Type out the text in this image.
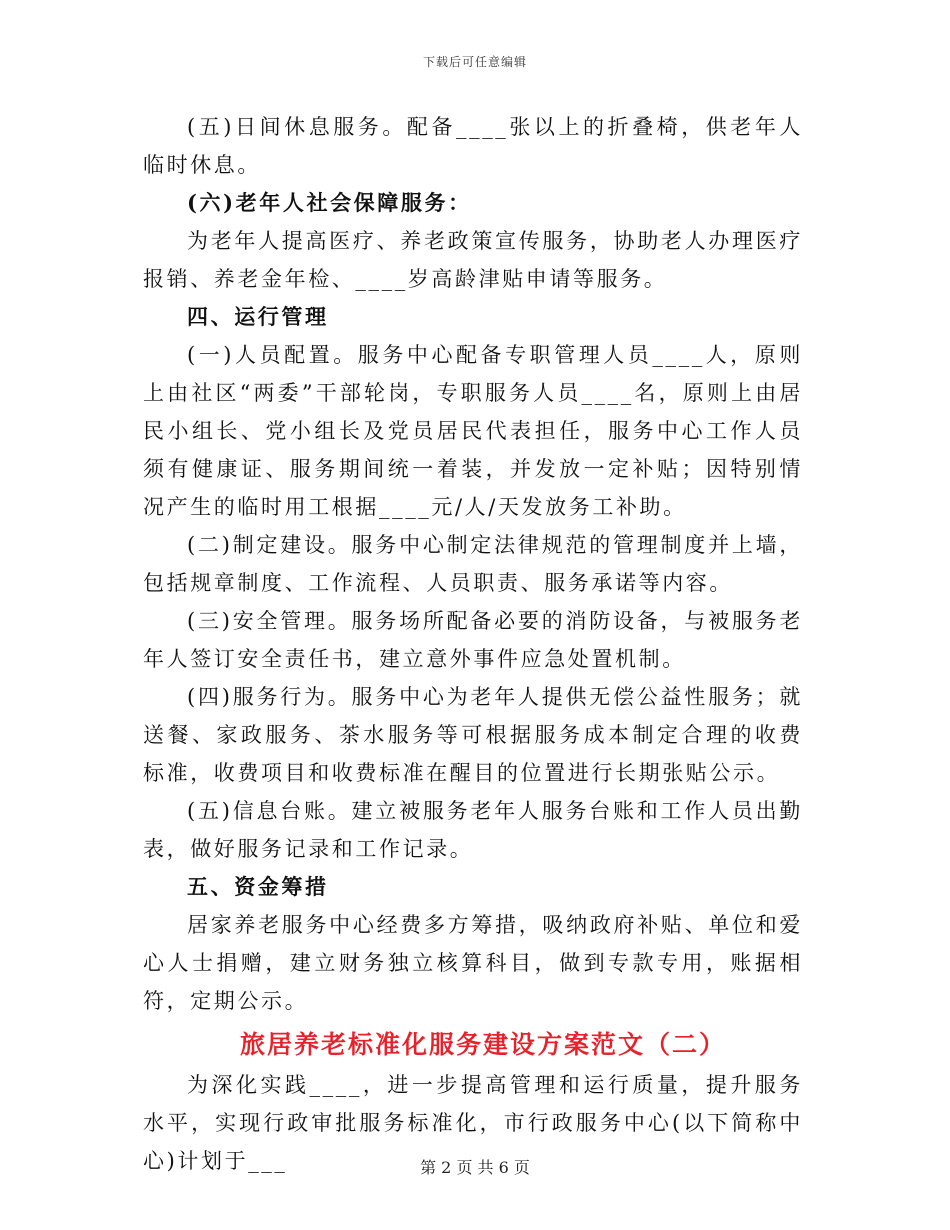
下载后可任意编辑
(五)日间休息服务。配备____张以上的折叠椅，供老年人临时休息。
(六)老年人社会保障服务：
为老年人提高医疗、养老政策宣传服务，协助老人办理医疗报销、养老金年检、____岁高龄津贴申请等服务。
四、运行管理
(一)人员配置。服务中心配备专职管理人员____人，原则上由社区“两委”干部轮岗，专职服务人员____名，原则上由居民小组长、党小组长及党员居民代表担任，服务中心工作人员须有健康证、服务期间统一着装，并发放一定补贴；因特别情况产生的临时用工根据____元/人/天发放务工补助。
(二)制定建设。服务中心制定法律规范的管理制度并上墙，包括规章制度、工作流程、人员职责、服务承诺等内容。
(三)安全管理。服务场所配备必要的消防设备，与被服务老年人签订安全责任书，建立意外事件应急处置机制。
(四)服务行为。服务中心为老年人提供无偿公益性服务；就送餐、家政服务、茶水服务等可根据服务成本制定合理的收费标准，收费项目和收费标准在醒目的位置进行长期张贴公示。
(五)信息台账。建立被服务老年人服务台账和工作人员出勤表，做好服务记录和工作记录。
五、资金筹措
居家养老服务中心经费多方筹措，吸纳政府补贴、单位和爱心人士捐赠，建立财务独立核算科目，做到专款专用，账据相符，定期公示。
旅居养老标准化服务建设方案范文（二）
为深化实践____，进一步提高管理和运行质量，提升服务水平，实现行政审批服务标准化，市行政服务中心(以下简称中心)计划于___	第 2 页 共 6 页
